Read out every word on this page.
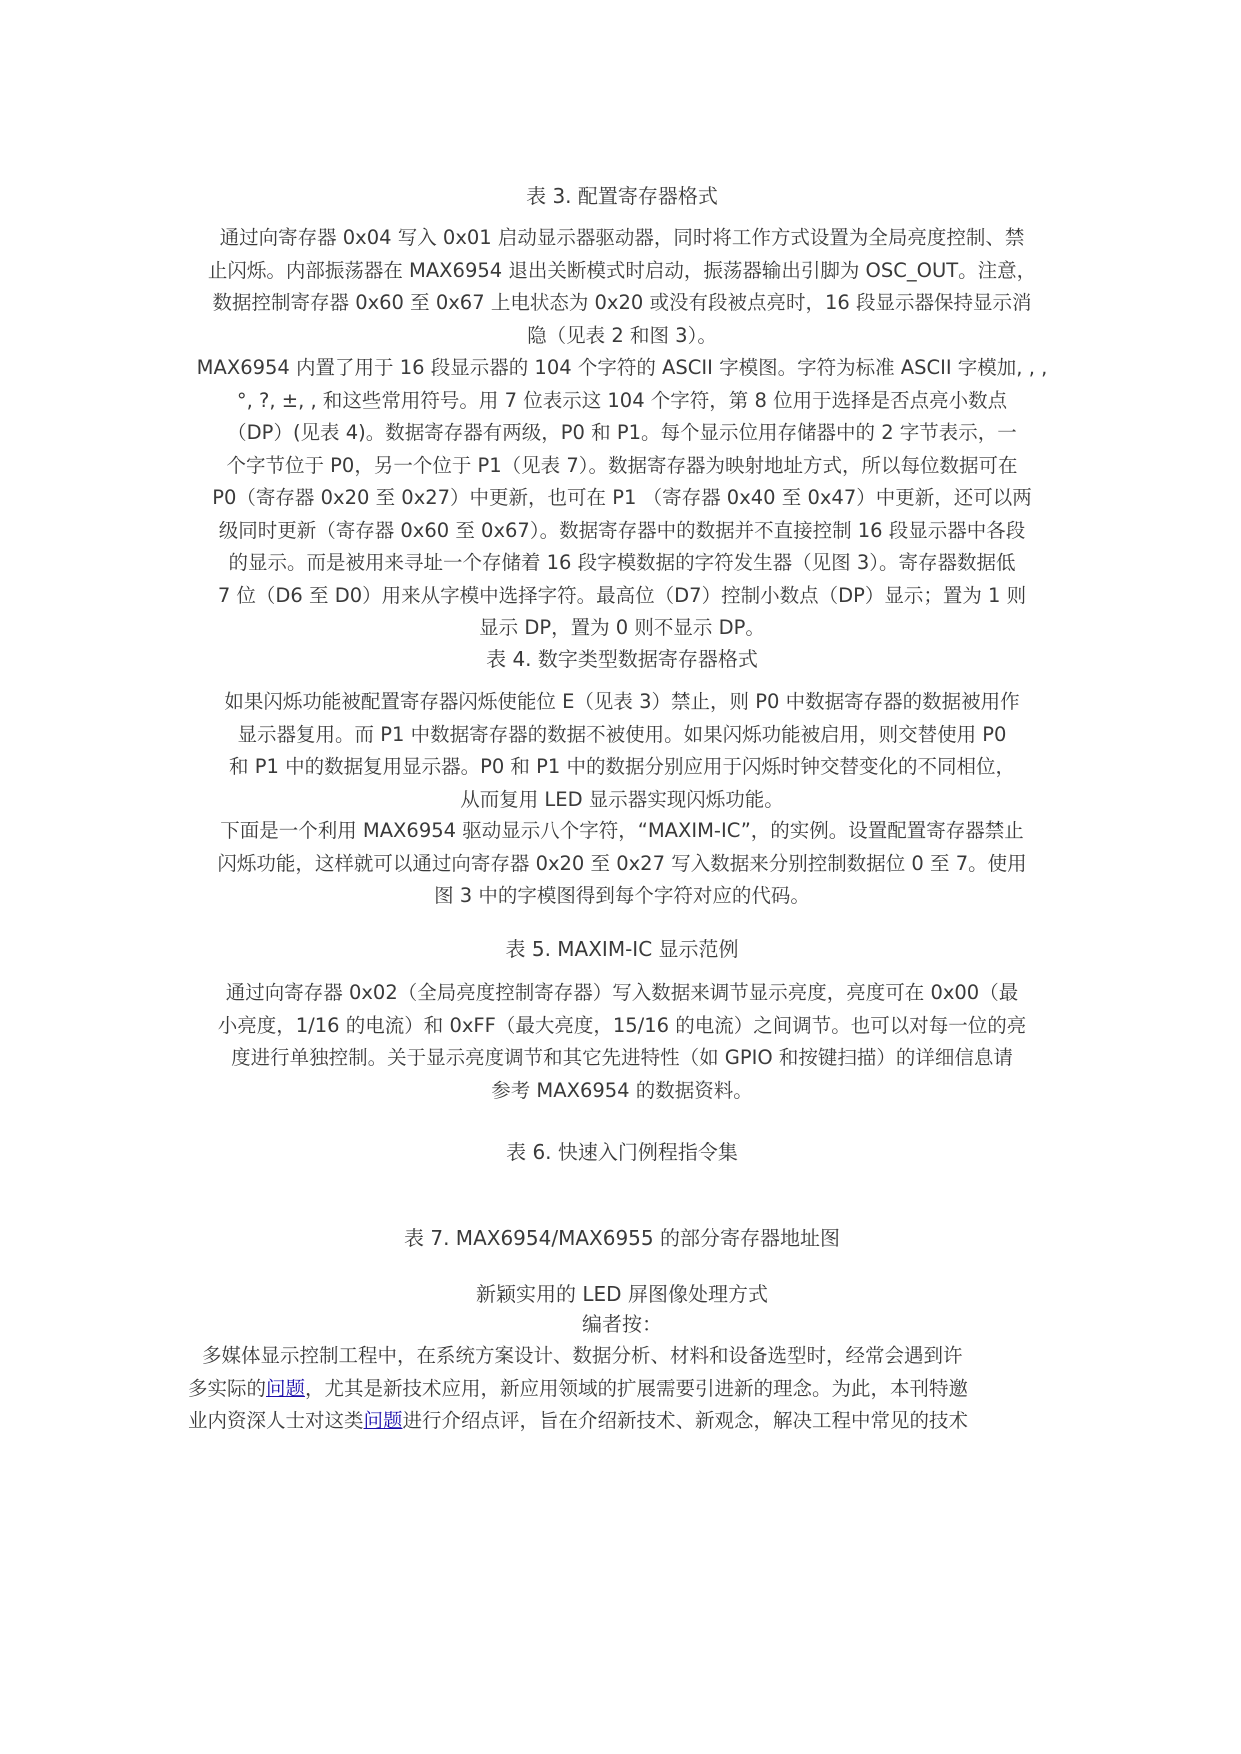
表 3. 配置寄存器格式
通过向寄存器 0x04 写入 0x01 启动显示器驱动器，同时将工作方式设置为全局亮度控制、禁
止闪烁。内部振荡器在 MAX6954 退出关断模式时启动，振荡器输出引脚为 OSC_OUT。注意，
数据控制寄存器 0x60 至 0x67 上电状态为 0x20 或没有段被点亮时，16 段显示器保持显示消
隐（见表 2 和图 3）。
MAX6954 内置了用于 16 段显示器的 104 个字符的 ASCII 字模图。字符为标准 ASCII 字模加, , ,
°, ?, ±, , 和这些常用符号。用 7 位表示这 104 个字符，第 8 位用于选择是否点亮小数点
（DP）(见表 4)。数据寄存器有两级，P0 和 P1。每个显示位用存储器中的 2 字节表示，一
个字节位于 P0，另一个位于 P1（见表 7）。数据寄存器为映射地址方式，所以每位数据可在
P0（寄存器 0x20 至 0x27）中更新，也可在 P1 （寄存器 0x40 至 0x47）中更新，还可以两
级同时更新（寄存器 0x60 至 0x67）。数据寄存器中的数据并不直接控制 16 段显示器中各段
的显示。而是被用来寻址一个存储着 16 段字模数据的字符发生器（见图 3）。寄存器数据低
7 位（D6 至 D0）用来从字模中选择字符。最高位（D7）控制小数点（DP）显示；置为 1 则
显示 DP，置为 0 则不显示 DP。
表 4. 数字类型数据寄存器格式
如果闪烁功能被配置寄存器闪烁使能位 E（见表 3）禁止，则 P0 中数据寄存器的数据被用作
显示器复用。而 P1 中数据寄存器的数据不被使用。如果闪烁功能被启用，则交替使用 P0
和 P1 中的数据复用显示器。P0 和 P1 中的数据分别应用于闪烁时钟交替变化的不同相位，
从而复用 LED 显示器实现闪烁功能。
下面是一个利用 MAX6954 驱动显示八个字符，“MAXIM-IC”，的实例。设置配置寄存器禁止
闪烁功能，这样就可以通过向寄存器 0x20 至 0x27 写入数据来分别控制数据位 0 至 7。使用
图 3 中的字模图得到每个字符对应的代码。
表 5. MAXIM-IC 显示范例
通过向寄存器 0x02（全局亮度控制寄存器）写入数据来调节显示亮度，亮度可在 0x00（最
小亮度，1/16 的电流）和 0xFF（最大亮度，15/16 的电流）之间调节。也可以对每一位的亮
度进行单独控制。关于显示亮度调节和其它先进特性（如 GPIO 和按键扫描）的详细信息请
参考 MAX6954 的数据资料。
表 6. 快速入门例程指令集
表 7. MAX6954/MAX6955 的部分寄存器地址图
新颖实用的 LED 屏图像处理方式
编者按：
多媒体显示控制工程中，在系统方案设计、数据分析、材料和设备选型时，经常会遇到许
多实际的问题，尤其是新技术应用，新应用领域的扩展需要引进新的理念。为此，本刊特邀
业内资深人士对这类问题进行介绍点评，旨在介绍新技术、新观念，解决工程中常见的技术
